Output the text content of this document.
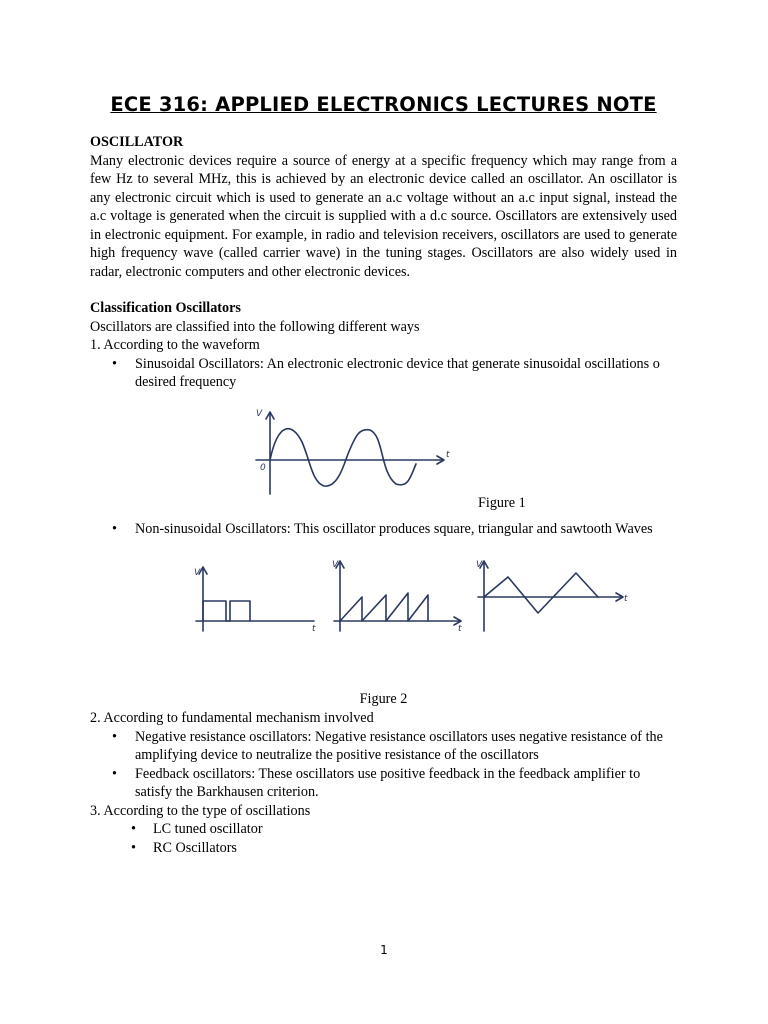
ECE 316: APPLIED ELECTRONICS LECTURES NOTE

OSCILLATOR

Many electronic devices require a source of energy at a specific frequency which may range from a few Hz to several MHz, this is achieved by an electronic device called an oscillator. An oscillator is any electronic circuit which is used to generate an a.c voltage without an a.c input signal, instead the a.c voltage is generated when the circuit is supplied with a d.c source. Oscillators are extensively used in electronic equipment. For example, in radio and television receivers, oscillators are used to generate high frequency wave (called carrier wave) in the tuning stages. Oscillators are also widely used in radar, electronic computers and other electronic devices.

Classification Oscillators

Oscillators are classified into the following different ways

1. According to the waveform

• Sinusoidal Oscillators: An electronic electronic device that generate sinusoidal oscillations o desired frequency
V
0
t
Figure 1
• Non-sinusoidal Oscillators: This oscillator produces square, triangular and sawtooth Waves
V
t
V
t
V
t
Figure 2

2. According to fundamental mechanism involved

• Negative resistance oscillators: Negative resistance oscillators uses negative resistance of the amplifying device to neutralize the positive resistance of the oscillators
• Feedback oscillators: These oscillators use positive feedback in the feedback amplifier to satisfy the Barkhausen criterion.

3. According to the type of oscillations

• LC tuned oscillator
• RC Oscillators
1
